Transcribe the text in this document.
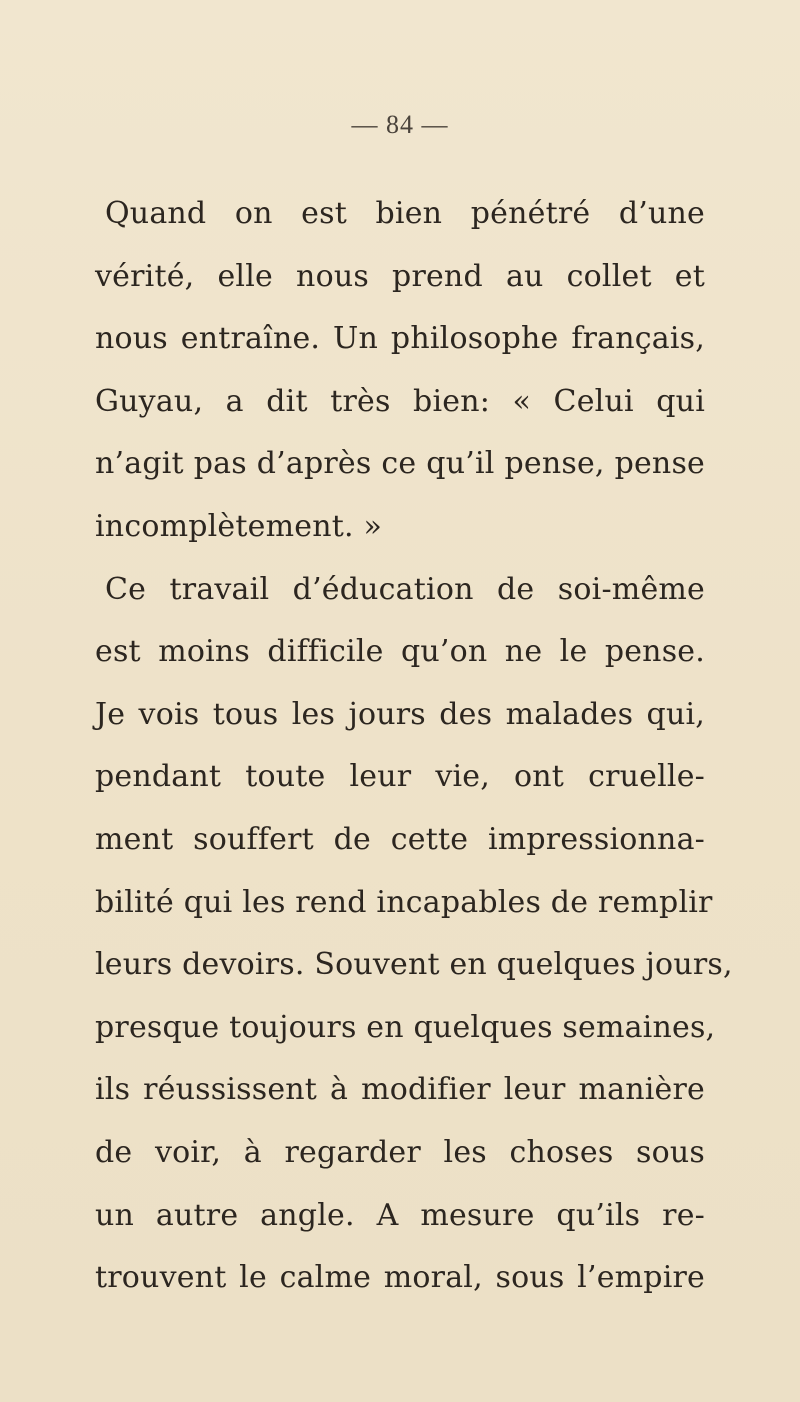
— 84 —
Quand on est bien pénétré d’une
vérité, elle nous prend au collet et
nous entraîne. Un philosophe français,
Guyau, a dit très bien: « Celui qui
n’agit pas d’après ce qu’il pense, pense
incomplètement. »
Ce travail d’éducation de soi-même
est moins difficile qu’on ne le pense.
Je vois tous les jours des malades qui,
pendant toute leur vie, ont cruelle-
ment souffert de cette impressionna-
bilité qui les rend incapables de remplir
leurs devoirs. Souvent en quelques jours,
presque toujours en quelques semaines,
ils réussissent à modifier leur manière
de voir, à regarder les choses sous
un autre angle. A mesure qu’ils re-
trouvent le calme moral, sous l’empire
